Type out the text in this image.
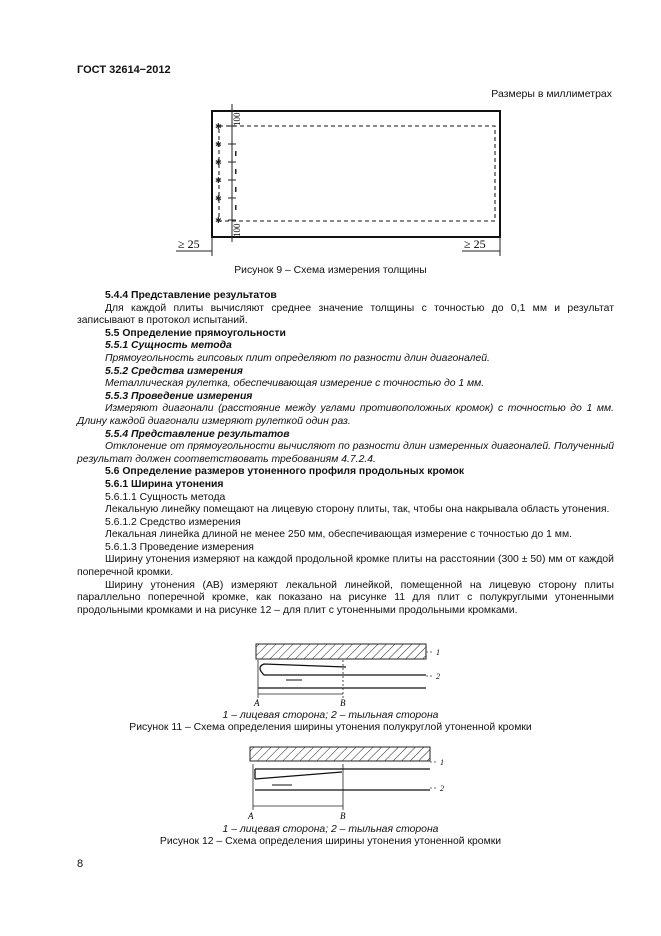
ГОСТ 32614−2012
Размеры в миллиметрах
✱
✱
✱
✱
✱
✱
100
100
≥ 25	≥ 25
Рисунок 9 – Схема измерения толщины

5.4.4 Представление результатов

Для каждой плиты вычисляют среднее значение толщины с точностью до 0,1 мм и результат записывают в протокол испытаний.

5.5 Определение прямоугольности

5.5.1 Сущность метода

Прямоугольность гипсовых плит определяют по разности длин диагоналей.

5.5.2 Средства измерения

Металлическая рулетка, обеспечивающая измерение с точностью до 1 мм.

5.5.3 Проведение измерения

Измеряют диагонали (расстояние между углами противоположных кромок) с точностью до 1 мм. Длину каждой диагонали измеряют рулеткой один раз.

5.5.4 Представление результатов

Отклонение от прямоугольности вычисляют по разности длин измеренных диагоналей. Полученный результат должен соответствовать требованиям 4.7.2.4.

5.6 Определение размеров утоненного профиля продольных кромок

5.6.1 Ширина утонения

5.6.1.1 Сущность метода

Лекальную линейку помещают на лицевую сторону плиты, так, чтобы она накрывала область утонения.

5.6.1.2 Средство измерения

Лекальная линейка длиной не менее 250 мм, обеспечивающая измерение с точностью до 1 мм.

5.6.1.3 Проведение измерения

Ширину утонения измеряют на каждой продольной кромке плиты на расстоянии (300 ± 50) мм от каждой поперечной кромки.

Ширину утонения (АВ) измеряют лекальной линейкой, помещенной на лицевую сторону плиты параллельно поперечной кромке, как показано на рисунке 11 для плит с полукруглыми утоненными продольными кромками и на рисунке 12 – для плит с утоненными продольными кромками.

1
2
A	B
1 – лицевая сторона; 2 – тыльная сторона
Рисунок 11 – Схема определения ширины утонения полукруглой утоненной кромки
1
2
A	B
1 – лицевая сторона; 2 – тыльная сторона
Рисунок 12 – Схема определения ширины утонения утоненной кромки
8
